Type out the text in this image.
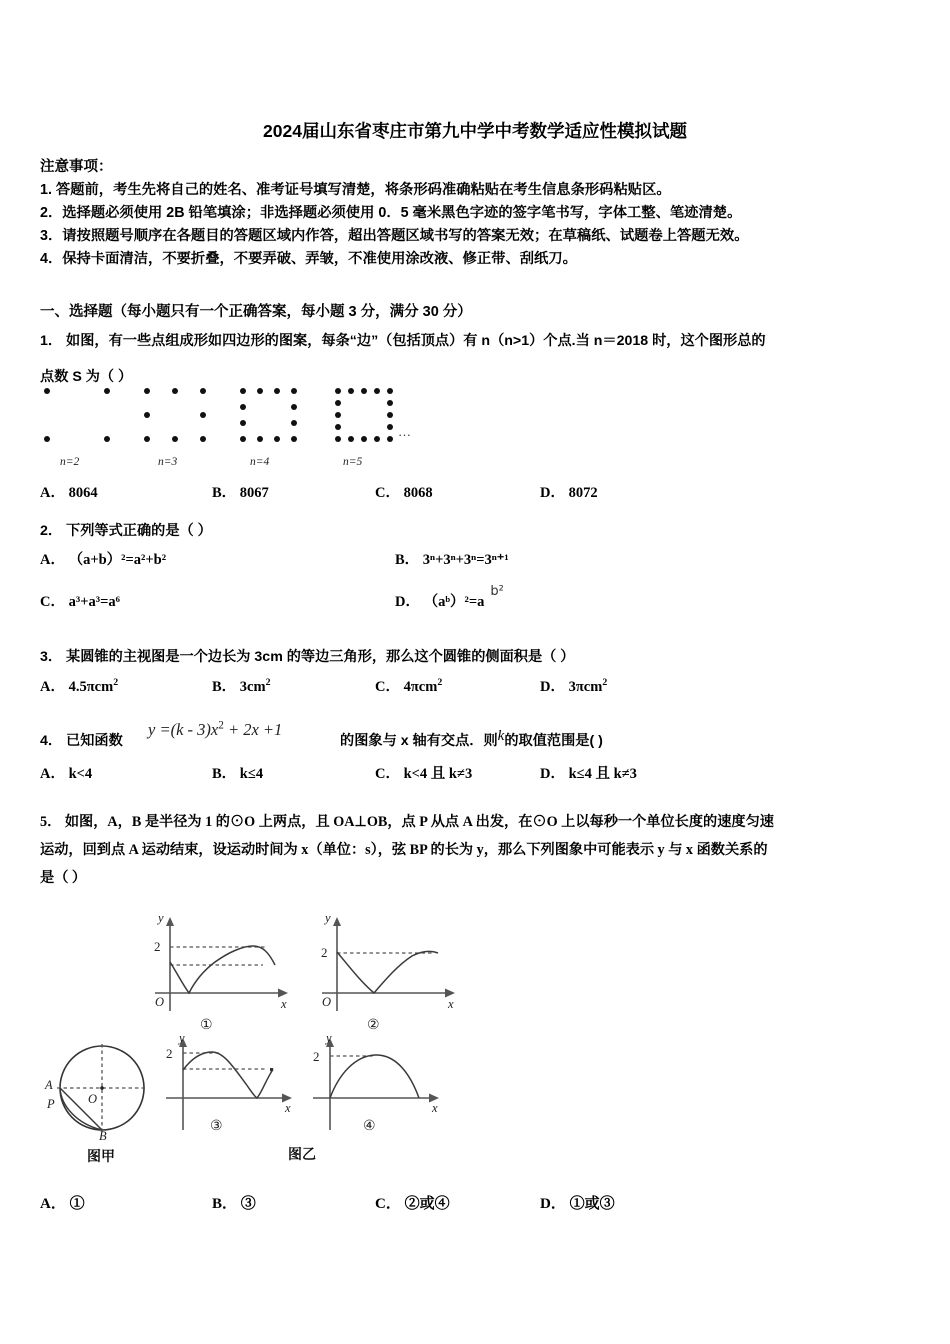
2024届山东省枣庄市第九中学中考数学适应性模拟试题
注意事项：
1. 答题前，考生先将自己的姓名、准考证号填写清楚，将条形码准确粘贴在考生信息条形码粘贴区。
2．选择题必须使用 2B 铅笔填涂；非选择题必须使用 0．5 毫米黑色字迹的签字笔书写，字体工整、笔迹清楚。
3．请按照题号顺序在各题目的答题区域内作答，超出答题区域书写的答案无效；在草稿纸、试题卷上答题无效。
4．保持卡面清洁，不要折叠，不要弄破、弄皱，不准使用涂改液、修正带、刮纸刀。
一、选择题（每小题只有一个正确答案，每小题 3 分，满分 30 分）
1． 如图，有一些点组成形如四边形的图案，每条“边”（包括顶点）有 n（n>1）个点.当 n＝2018 时，这个图形总的
点数 S 为（ ）
n=2	n=3	n=4	n=5
…
A． 8064	B． 8067	C． 8068	D． 8072
2． 下列等式正确的是（ ）
A． （a+b）²=a²+b²	B． 3ⁿ+3ⁿ+3ⁿ=3ⁿ⁺¹
C． a³+a³=a⁶	D． （aᵇ）²=ab²
3． 某圆锥的主视图是一个边长为 3cm 的等边三角形，那么这个圆锥的侧面积是（ ）
A． 4.5πcm$^2$	B． $3cm^2$	C． 4πcm$^2$	D． 3πcm$^2$
4． 已知函数
$y =(k - 3)x^2 + 2x +1$
的图象与 x 轴有交点．则k的取值范围是( )
A． k<4	B． k≤4	C． k<4 且 k≠3	D． k≤4 且 k≠3
5． 如图，A，B 是半径为 1 的⊙O 上两点，且 OA⊥OB，点 P 从点 A 出发，在⊙O 上以每秒一个单位长度的速度匀速
运动，回到点 A 运动结束，设运动时间为 x（单位：s），弦 BP 的长为 y，那么下列图象中可能表示 y 与 x 函数关系的
是（ ）
y
x
2
O
①
y
x
2
O
②
A
O
P
B
图甲
y
x
2
③
图乙
y
x
2
④
A． ①	B． ③	C． ②或④	D． ①或③
